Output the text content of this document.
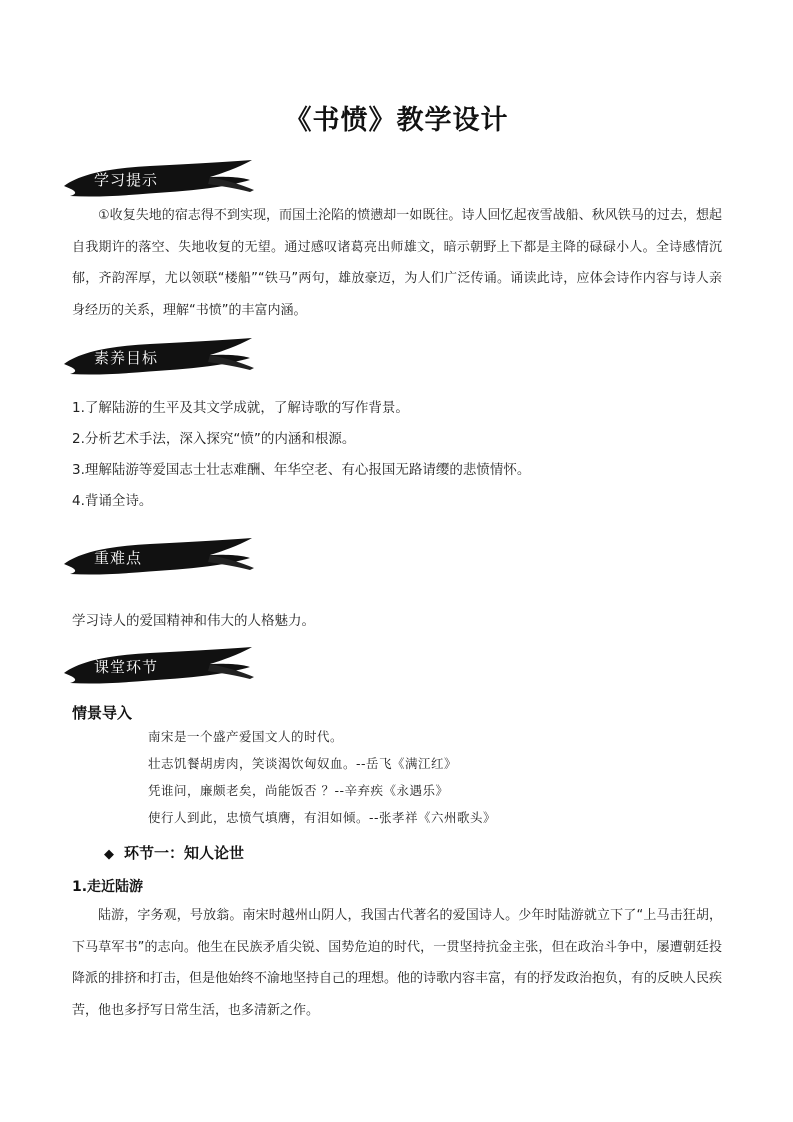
《书愤》教学设计
学习提示
①收复失地的宿志得不到实现，而国土沦陷的愤懑却一如既往。诗人回忆起夜雪战船、秋风铁马的过去，想起自我期许的落空、失地收复的无望。通过感叹诸葛亮出师雄文，暗示朝野上下都是主降的碌碌小人。全诗感情沉郁，齐韵浑厚，尤以领联“楼船”“铁马”两句，雄放豪迈，为人们广泛传诵。诵读此诗，应体会诗作内容与诗人亲身经历的关系，理解“书愤”的丰富内涵。
素养目标
1.了解陆游的生平及其文学成就，了解诗歌的写作背景。
2.分析艺术手法，深入探究“愤”的内涵和根源。
3.理解陆游等爱国志士壮志难酬、年华空老、有心报国无路请缨的悲愤情怀。
4.背诵全诗。
重难点
学习诗人的爱国精神和伟大的人格魅力。
课堂环节
情景导入
南宋是一个盛产爱国文人的时代。
壮志饥餐胡虏肉，笑谈渴饮匈奴血。--岳飞《满江红》
凭谁问，廉颇老矣，尚能饭否 ？--辛弃疾《永遇乐》
使行人到此，忠愤气填膺，有泪如倾。--张孝祥《六州歌头》
◆ 环节一：知人论世
1.走近陆游
陆游，字务观，号放翁。南宋时越州山阴人，我国古代著名的爱国诗人。少年时陆游就立下了“上马击狂胡，下马草军书”的志向。他生在民族矛盾尖锐、国势危迫的时代，一贯坚持抗金主张，但在政治斗争中，屡遭朝廷投降派的排挤和打击，但是他始终不渝地坚持自己的理想。他的诗歌内容丰富，有的抒发政治抱负，有的反映人民疾苦，他也多抒写日常生活，也多清新之作。
